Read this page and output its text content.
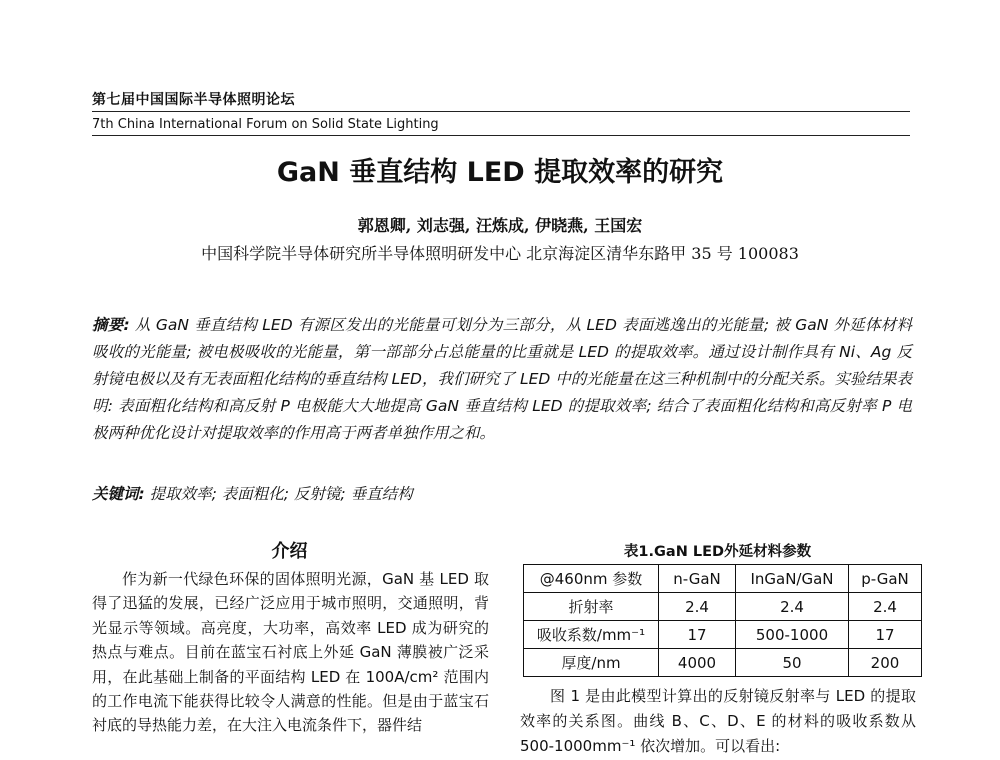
第七届中国国际半导体照明论坛
7th China International Forum on Solid State Lighting
GaN 垂直结构 LED 提取效率的研究
郭恩卿, 刘志强, 汪炼成, 伊晓燕, 王国宏
中国科学院半导体研究所半导体照明研发中心 北京海淀区清华东路甲 35 号 100083
摘要: 从 GaN 垂直结构 LED 有源区发出的光能量可划分为三部分，从 LED 表面逃逸出的光能量; 被 GaN 外延体材料吸收的光能量; 被电极吸收的光能量，第一部部分占总能量的比重就是 LED 的提取效率。通过设计制作具有 Ni、Ag 反射镜电极以及有无表面粗化结构的垂直结构 LED，我们研究了 LED 中的光能量在这三种机制中的分配关系。实验结果表明: 表面粗化结构和高反射 P 电极能大大地提高 GaN 垂直结构 LED 的提取效率; 结合了表面粗化结构和高反射率 P 电极两种优化设计对提取效率的作用高于两者单独作用之和。
关键词: 提取效率; 表面粗化; 反射镜; 垂直结构
介绍

作为新一代绿色环保的固体照明光源，GaN 基 LED 取得了迅猛的发展，已经广泛应用于城市照明，交通照明，背光显示等领域。高亮度，大功率，高效率 LED 成为研究的热点与难点。目前在蓝宝石衬底上外延 GaN 薄膜被广泛采用，在此基础上制备的平面结构 LED 在 100A/cm² 范围内的工作电流下能获得比较令人满意的性能。但是由于蓝宝石衬底的导热能力差，在大注入电流条件下，器件结

表1.GaN LED外延材料参数
@460nm 参数	n-GaN	InGaN/GaN	p-GaN
折射率	2.4	2.4	2.4
吸收系数/mm⁻¹	17	500-1000	17
厚度/nm	4000	50	200

图 1 是由此模型计算出的反射镜反射率与 LED 的提取效率的关系图。曲线 B、C、D、E 的材料的吸收系数从 500-1000mm⁻¹ 依次增加。可以看出:
